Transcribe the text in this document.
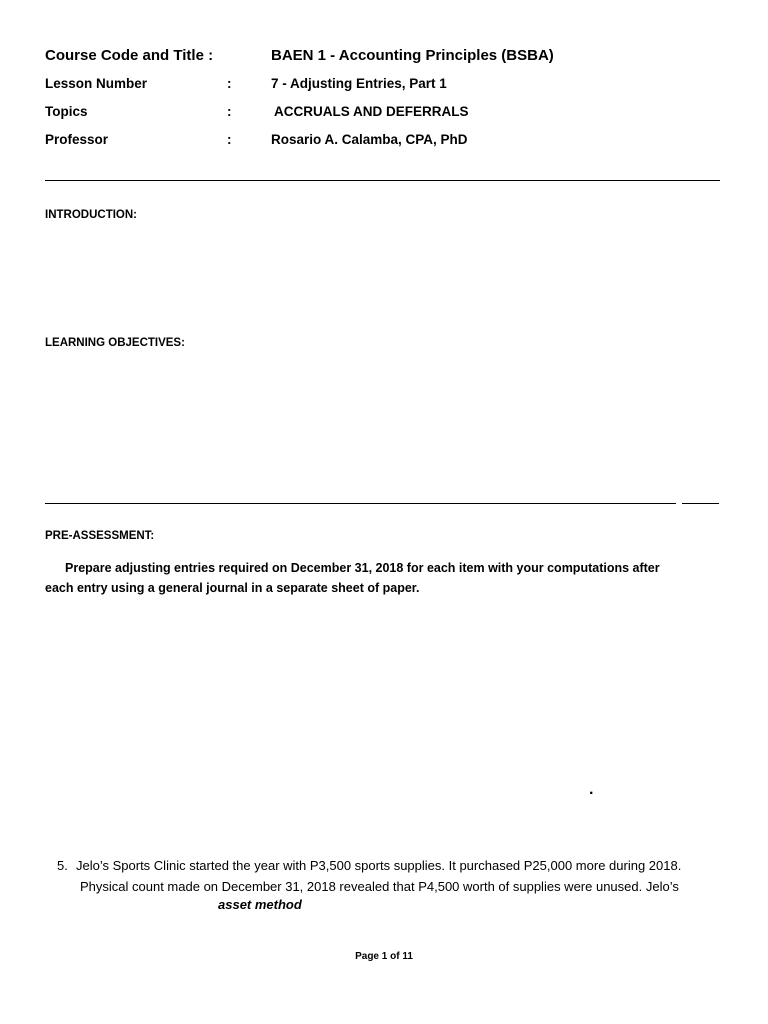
Course Code and Title :	BAEN 1 - Accounting Principles (BSBA)
Lesson Number	:	7 - Adjusting Entries, Part 1
Topics	:	ACCRUALS AND DEFERRALS
Professor	:	Rosario A. Calamba, CPA, PhD
INTRODUCTION:
LEARNING OBJECTIVES:
PRE-ASSESSMENT:
Prepare adjusting entries required on December 31, 2018 for each item with your computations after
each entry using a general journal in a separate sheet of paper.
.
5. Jelo’s Sports Clinic started the year with P3,500 sports supplies. It purchased P25,000 more during 2018.
Physical count made on December 31, 2018 revealed that P4,500 worth of supplies were unused. Jelo’s
asset method
Page 1 of 11
